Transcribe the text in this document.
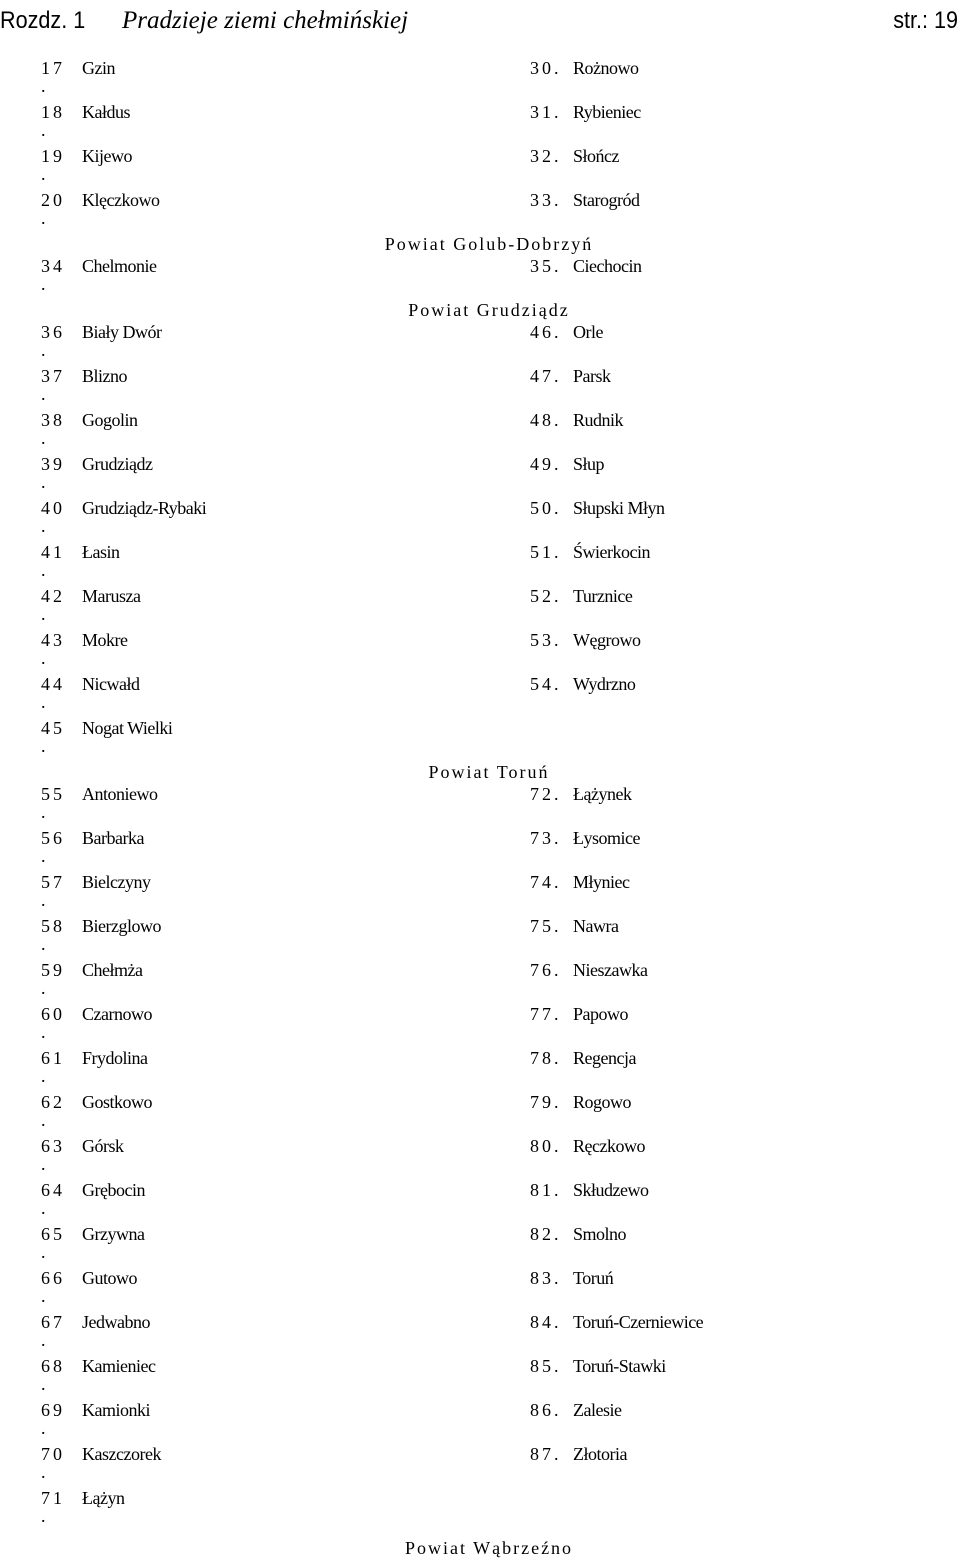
Rozdz. 1 Pradzieje ziemi chełmińskiej	str.: 19
17 Gzin	30. Rożnowo
.
18 Kałdus	31. Rybieniec
.
19 Kijewo	32. Słończ
.
20 Klęczkowo	33. Starogród
.
Powiat Golub-Dobrzyń
34 Chelmonie	35. Ciechocin
.
Powiat Grudziądz
36 Biały Dwór	46. Orle
.
37 Blizno	47. Parsk
.
38 Gogolin	48. Rudnik
.
39 Grudziądz	49. Słup
.
40 Grudziądz-Rybaki	50. Słupski Młyn
.
41 Łasin	51. Świerkocin
.
42 Marusza	52. Turznice
.
43 Mokre	53. Węgrowo
.
44 Nicwałd	54. Wydrzno
.
45 Nogat Wielki
.
Powiat Toruń
55 Antoniewo	72. Łążynek
.
56 Barbarka	73. Łysomice
.
57 Bielczyny	74. Młyniec
.
58 Bierzglowo	75. Nawra
.
59 Chełmża	76. Nieszawka
.
60 Czarnowo	77. Papowo
.
61 Frydolina	78. Regencja
.
62 Gostkowo	79. Rogowo
.
63 Górsk	80. Ręczkowo
.
64 Grębocin	81. Skłudzewo
.
65 Grzywna	82. Smolno
.
66 Gutowo	83. Toruń
.
67 Jedwabno	84. Toruń-Czerniewice
.
68 Kamieniec	85. Toruń-Stawki
.
69 Kamionki	86. Zalesie
.
70 Kaszczorek	87. Złotoria
.
71 Łążyn
.
Powiat Wąbrzeźno
